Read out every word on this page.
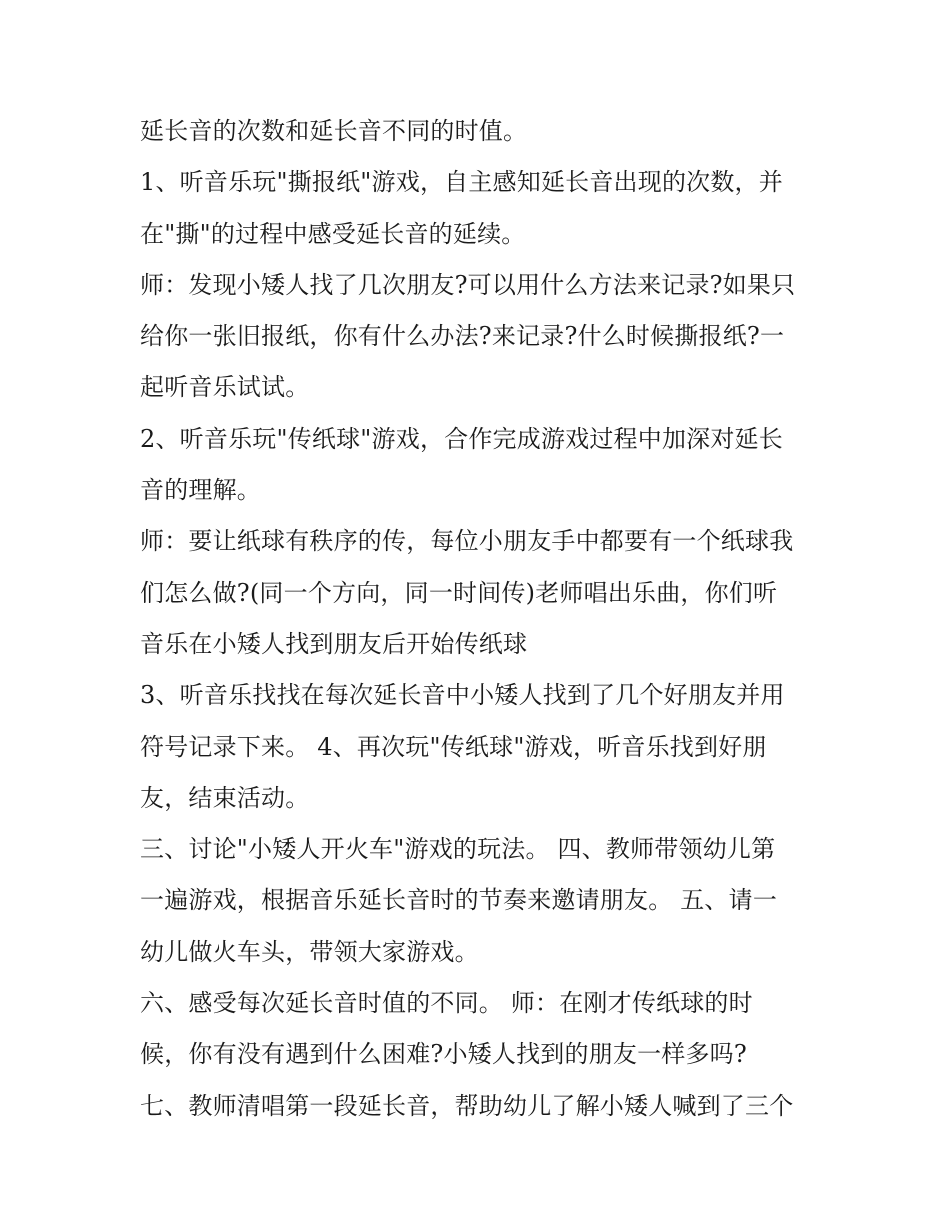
延长音的次数和延长音不同的时值。
1、听音乐玩"撕报纸"游戏，自主感知延长音出现的次数，并
在"撕"的过程中感受延长音的延续。
师：发现小矮人找了几次朋友?可以用什么方法来记录?如果只
给你一张旧报纸，你有什么办法?来记录?什么时候撕报纸?一
起听音乐试试。
2、听音乐玩"传纸球"游戏，合作完成游戏过程中加深对延长
音的理解。
师：要让纸球有秩序的传，每位小朋友手中都要有一个纸球我
们怎么做?(同一个方向，同一时间传)老师唱出乐曲，你们听
音乐在小矮人找到朋友后开始传纸球
3、听音乐找找在每次延长音中小矮人找到了几个好朋友并用
符号记录下来。 4、再次玩"传纸球"游戏，听音乐找到好朋
友，结束活动。
三、讨论"小矮人开火车"游戏的玩法。 四、教师带领幼儿第
一遍游戏，根据音乐延长音时的节奏来邀请朋友。 五、请一
幼儿做火车头，带领大家游戏。
六、感受每次延长音时值的不同。 师：在刚才传纸球的时
候，你有没有遇到什么困难?小矮人找到的朋友一样多吗?
七、教师清唱第一段延长音，帮助幼儿了解小矮人喊到了三个
